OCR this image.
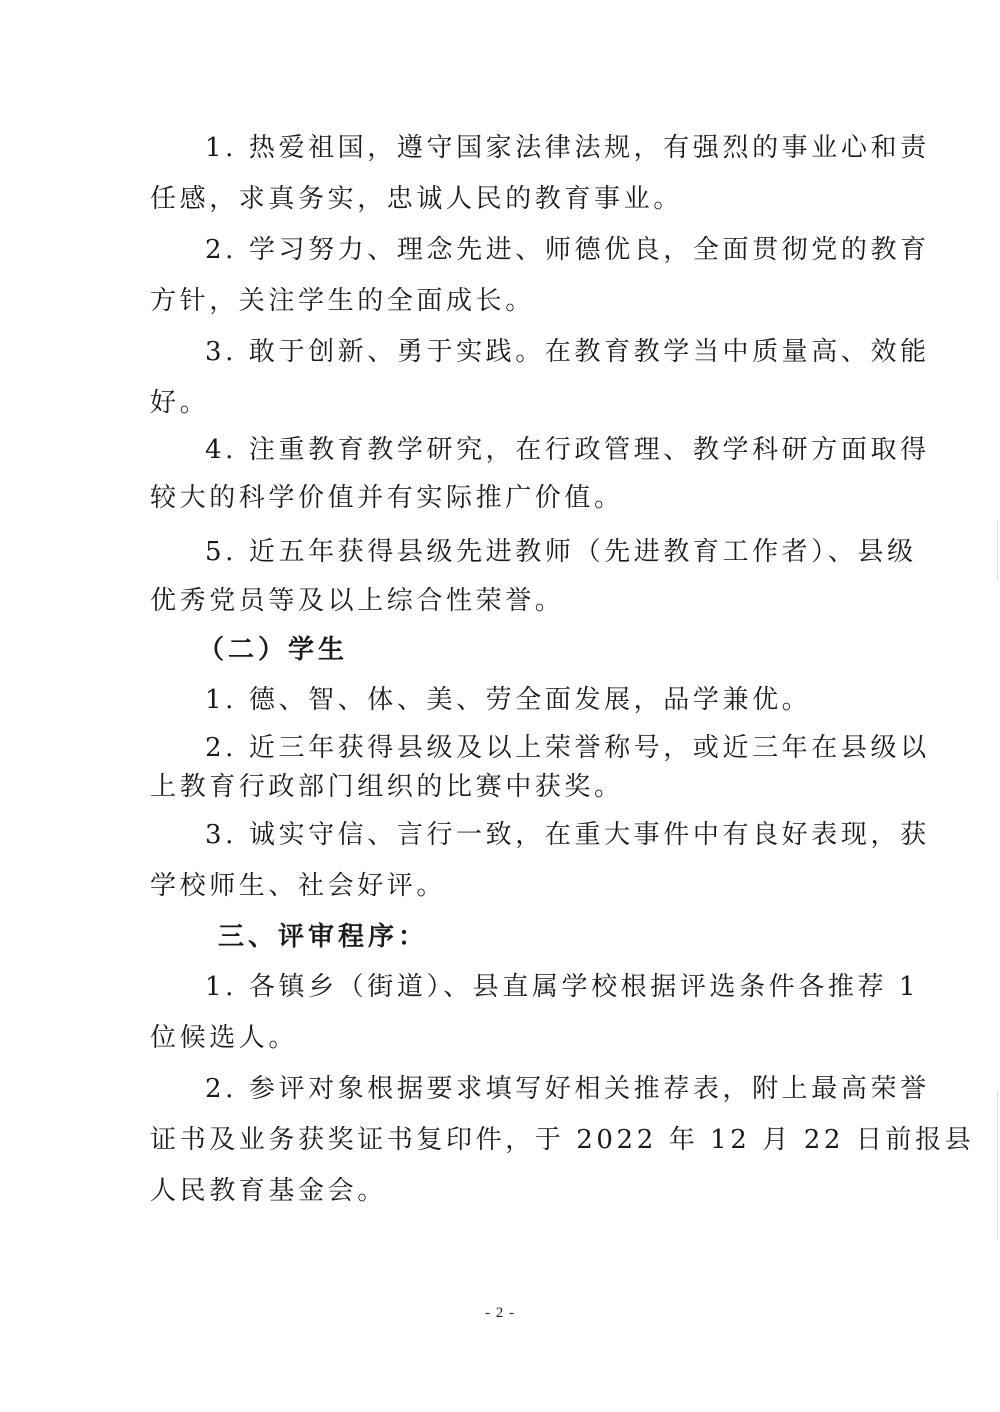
1. 热爱祖国，遵守国家法律法规，有强烈的事业心和责
任感，求真务实，忠诚人民的教育事业。
2. 学习努力、理念先进、师德优良，全面贯彻党的教育
方针，关注学生的全面成长。
3. 敢于创新、勇于实践。在教育教学当中质量高、效能
好。
4. 注重教育教学研究，在行政管理、教学科研方面取得
较大的科学价值并有实际推广价值。
5. 近五年获得县级先进教师（先进教育工作者）、县级
优秀党员等及以上综合性荣誉。
（二）学生
1. 德、智、体、美、劳全面发展，品学兼优。
2. 近三年获得县级及以上荣誉称号，或近三年在县级以
上教育行政部门组织的比赛中获奖。
3. 诚实守信、言行一致，在重大事件中有良好表现，获
学校师生、社会好评。
三、评审程序：
1. 各镇乡（街道）、县直属学校根据评选条件各推荐 1
位候选人。
2. 参评对象根据要求填写好相关推荐表，附上最高荣誉
证书及业务获奖证书复印件，于 2022 年 12 月 22 日前报县
人民教育基金会。
- 2 -
